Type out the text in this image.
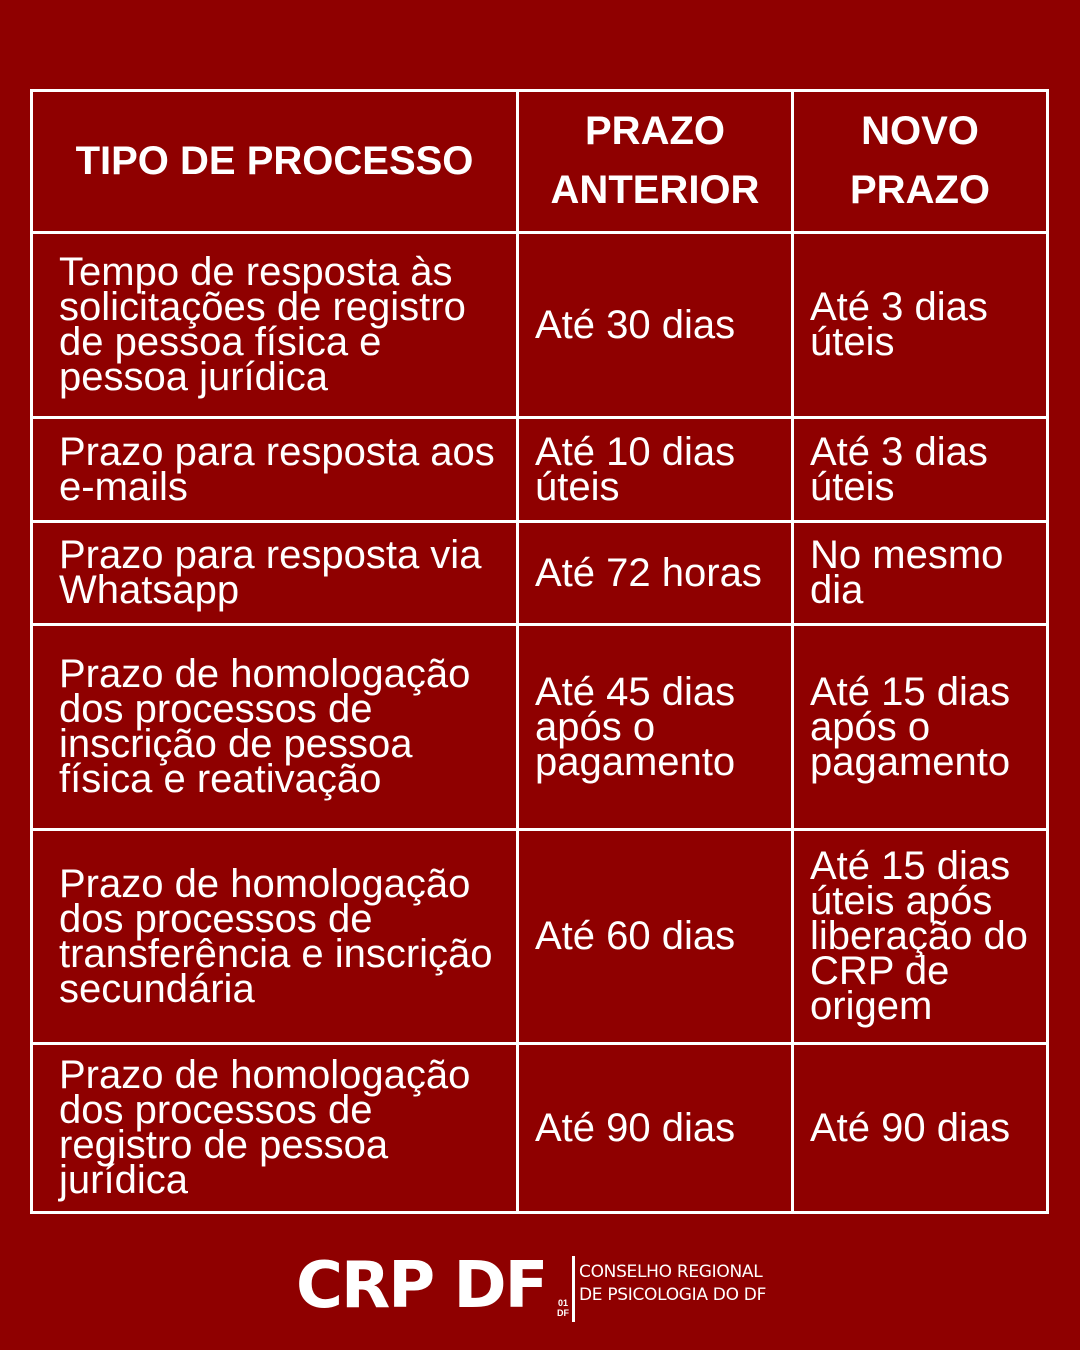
TIPO DE PROCESSO	PRAZO ANTERIOR	NOVO PRAZO
Tempo de resposta às solicitações de registro de pessoa física e pessoa jurídica	Até 30 dias	Até 3 dias úteis
Prazo para resposta aos e-mails	Até 10 dias úteis	Até 3 dias úteis
Prazo para resposta via Whatsapp	Até 72 horas	No mesmo dia
Prazo de homologação dos processos de inscrição de pessoa física e reativação	Até 45 dias após o pagamento	Até 15 dias após o pagamento
Prazo de homologação dos processos de transferência e inscrição secundária	Até 60 dias	Até 15 dias úteis após liberação do CRP de origem
Prazo de homologação dos processos de registro de pessoa jurídica	Até 90 dias	Até 90 dias
CRP DF 01
DF
CONSELHO REGIONAL
DE PSICOLOGIA DO DF
